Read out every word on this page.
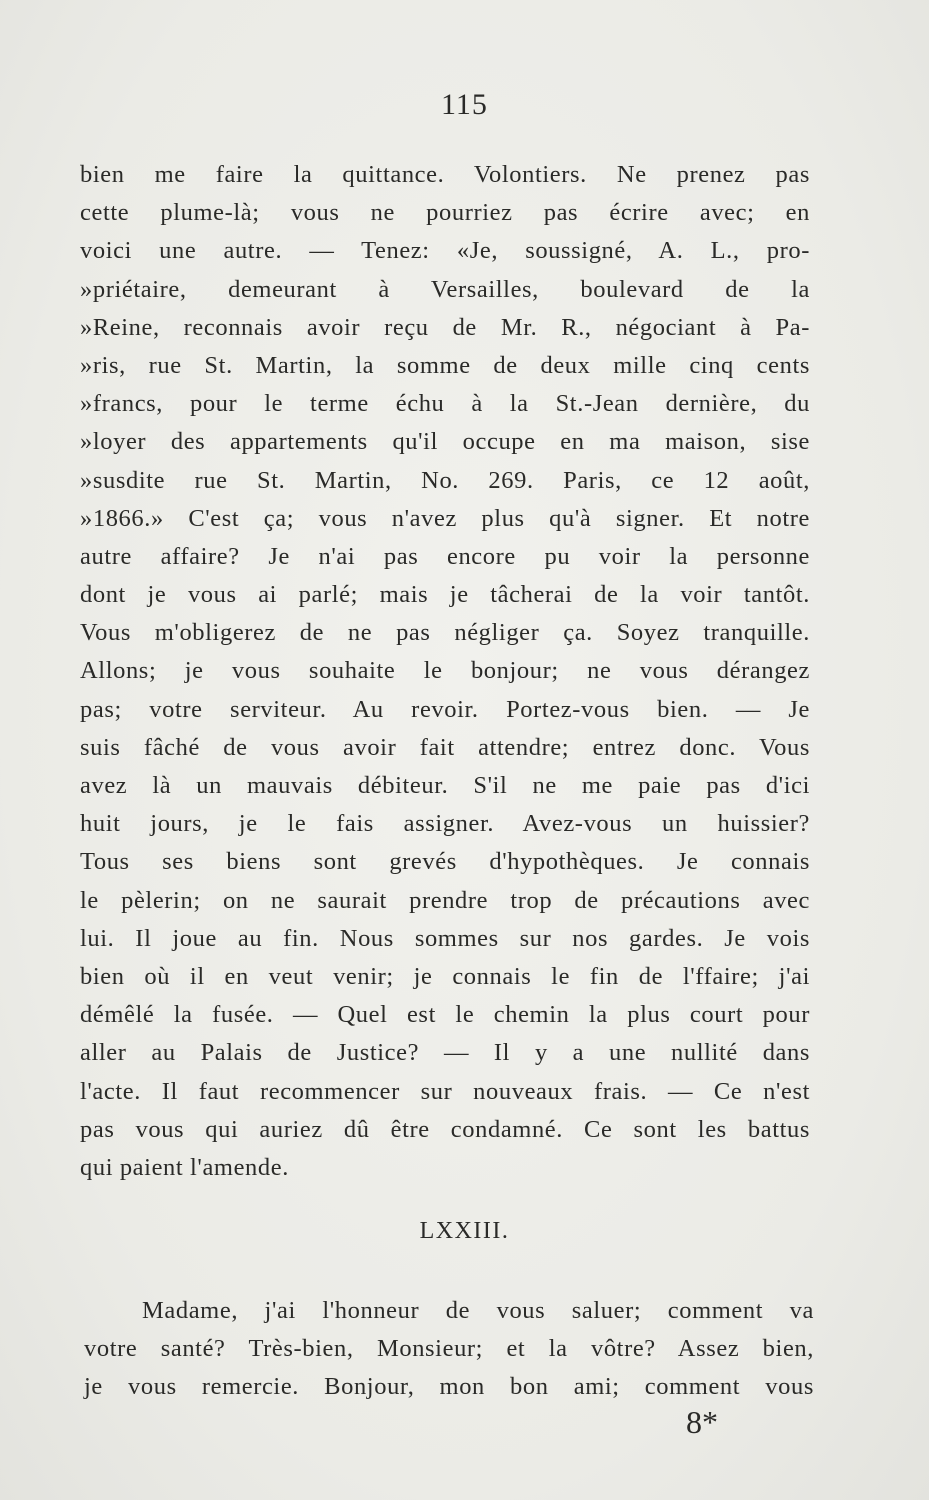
115
bien me faire la quittance. Volontiers. Ne prenez pas
cette plume-là; vous ne pourriez pas écrire avec; en
voici une autre. — Tenez: «Je, soussigné, A. L., pro-
»priétaire, demeurant à Versailles, boulevard de la
»Reine, reconnais avoir reçu de Mr. R., négociant à Pa-
»ris, rue St. Martin, la somme de deux mille cinq cents
»francs, pour le terme échu à la St.-Jean dernière, du
»loyer des appartements qu'il occupe en ma maison, sise
»susdite rue St. Martin, No. 269. Paris, ce 12 août,
»1866.» C'est ça; vous n'avez plus qu'à signer. Et notre
autre affaire? Je n'ai pas encore pu voir la personne
dont je vous ai parlé; mais je tâcherai de la voir tantôt.
Vous m'obligerez de ne pas négliger ça. Soyez tranquille.
Allons; je vous souhaite le bonjour; ne vous dérangez
pas; votre serviteur. Au revoir. Portez-vous bien. — Je
suis fâché de vous avoir fait attendre; entrez donc. Vous
avez là un mauvais débiteur. S'il ne me paie pas d'ici
huit jours, je le fais assigner. Avez-vous un huissier?
Tous ses biens sont grevés d'hypothèques. Je connais
le pèlerin; on ne saurait prendre trop de précautions avec
lui. Il joue au fin. Nous sommes sur nos gardes. Je vois
bien où il en veut venir; je connais le fin de l'ffaire; j'ai
démêlé la fusée. — Quel est le chemin la plus court pour
aller au Palais de Justice? — Il y a une nullité dans
l'acte. Il faut recommencer sur nouveaux frais. — Ce n'est
pas vous qui auriez dû être condamné. Ce sont les battus
qui paient l'amende.
LXXIII.
Madame, j'ai l'honneur de vous saluer; comment va
votre santé? Très-bien, Monsieur; et la vôtre? Assez bien,
je vous remercie. Bonjour, mon bon ami; comment vous
8*
